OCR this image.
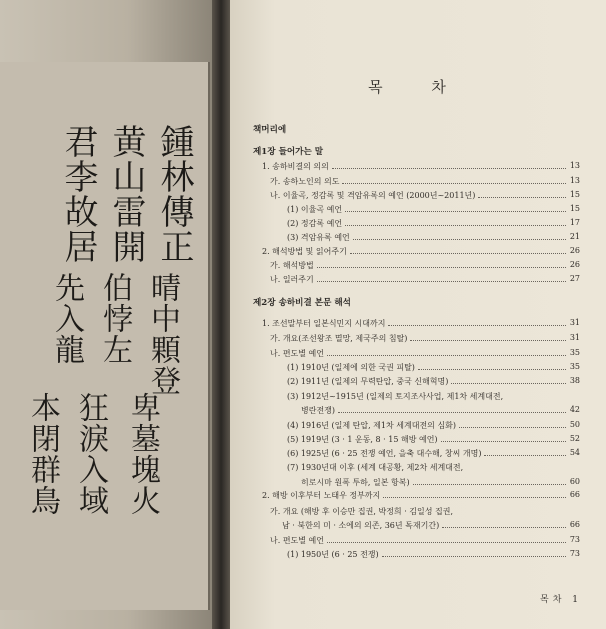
鍾林傳正
黄山雷開
君李故居
晴中顆登
伯悖左
先入龍
卑墓塊火
狂淚入域
本閉群鳥
목 차
책머리에
제1장 들어가는 말
제2장 송하비결 본문 해석
1. 송하비결의 의의	13
가. 송하노인의 의도	13
나. 이율곡, 정감록 및 격암유록의 예언 (2000년~2011년)	15
(1) 이율곡 예언	15
(2) 정감록 예언	17
(3) 격암유록 예언	21
2. 해석방법 및 읽어주기	26
가. 해석방법	26
나. 일러주기	27
1. 조선말부터 일본식민지 시대까지	31
가. 개요(조선왕조 멸망, 제국주의 침탈)	31
나. 편도별 예언	35
(1) 1910년 (일제에 의한 국권 피탈)	35
(2) 1911년 (일제의 무력탄압, 중국 신해혁명)	38
(3) 1912년~1915년 (일제의 토지조사사업, 제1차 세계대전,
병란전쟁)	42
(4) 1916년 (일제 탄압, 제1차 세계대전의 심화)	50
(5) 1919년 (3 · 1 운동, 8 · 15 해방 예언)	52
(6) 1925년 (6 · 25 전쟁 예언, 을축 대수해, 창씨 개명)	54
(7) 1930년대 이후 (세계 대공황, 제2차 세계대전,
히로시마 원폭 투하, 일본 항복)	60
2. 해방 이후부터 노태우 정부까지	66
가. 개요 (해방 후 이승만 집권, 박정희 · 김일성 집권,
남 · 북한의 미 · 소에의 의존, 36년 독재기간)	66
나. 편도별 예언	73
(1) 1950년 (6 · 25 전쟁)	73
목차 1
